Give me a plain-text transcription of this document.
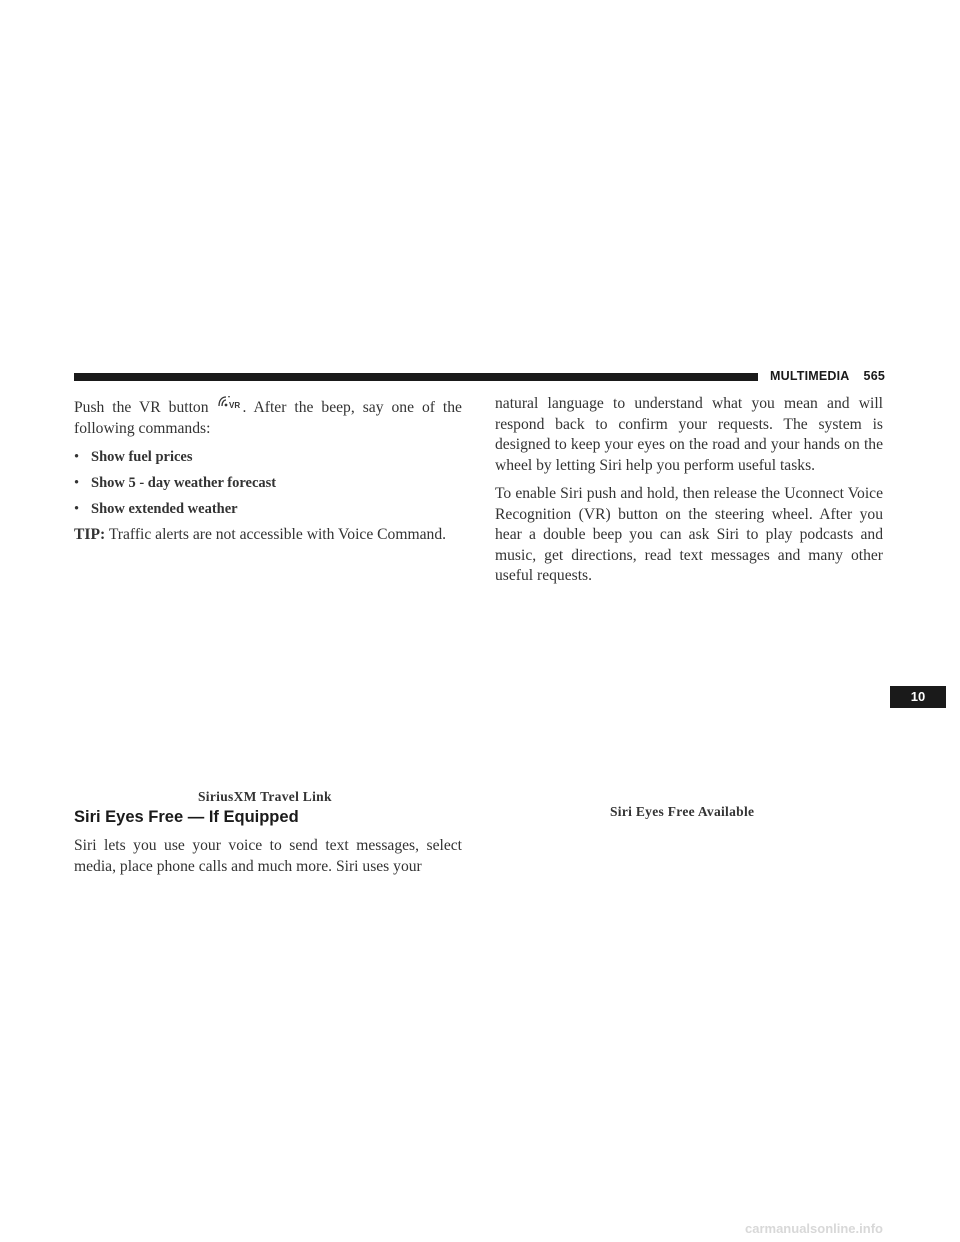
MULTIMEDIA 565

Push the VR button VR . After the beep, say one of the following commands:

• Show fuel prices
• Show 5 - day weather forecast
• Show extended weather

TIP: Traffic alerts are not accessible with Voice Command.

SiriusXM Travel Link
Siri Eyes Free — If Equipped

Siri lets you use your voice to send text messages, select media, place phone calls and much more. Siri uses your

natural language to understand what you mean and will respond back to confirm your requests. The system is designed to keep your eyes on the road and your hands on the wheel by letting Siri help you perform useful tasks.

To enable Siri push and hold, then release the Uconnect Voice Recognition (VR) button on the steering wheel. After you hear a double beep you can ask Siri to play podcasts and music, get directions, read text messages and many other useful requests.

Siri Eyes Free Available
10
carmanualsonline.info
